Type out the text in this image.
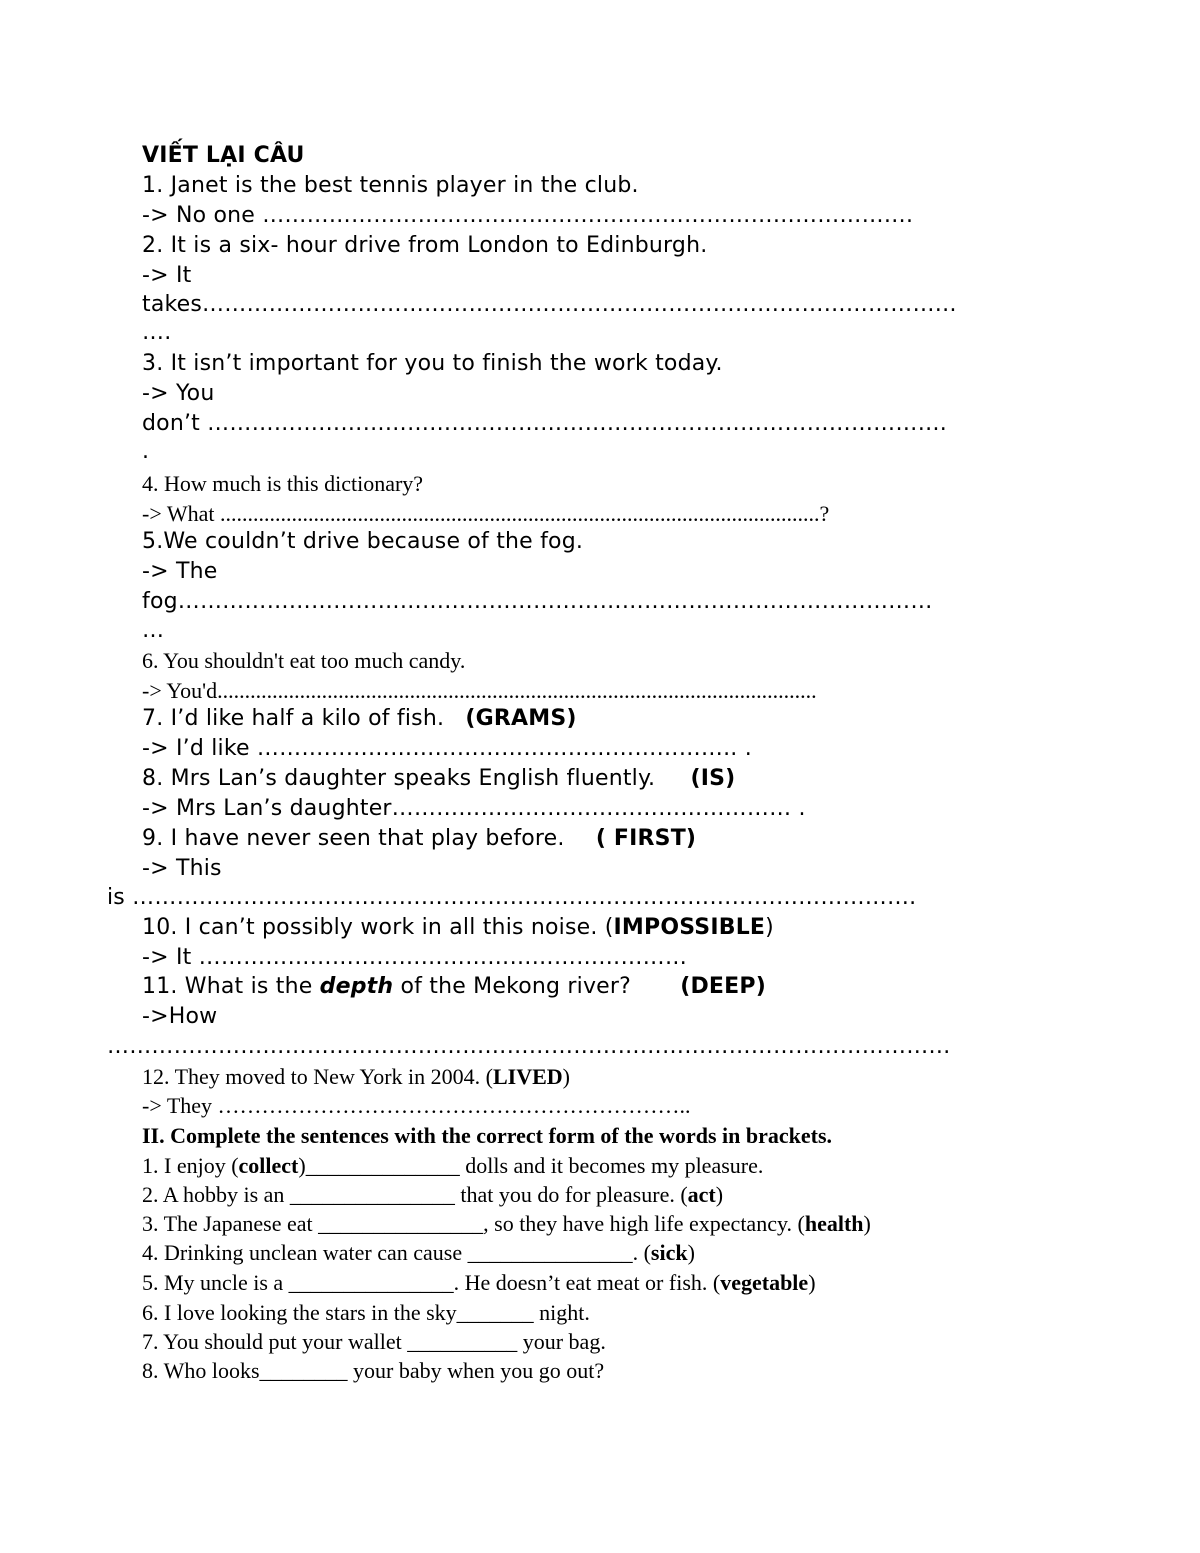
VIẾT LẠI CÂU
1. Janet is the best tennis player in the club.
-> No one …………………………………………………………………………….
2. It is a six- hour drive from London to Edinburgh.
-> It
takes…………………………………………………………………………………………
….
3. It isn’t important for you to finish the work today.
-> You
don’t ……………………………………………………………………………………….
.
4. How much is this dictionary?
-> What .............................................................................................................?
5.We couldn’t drive because of the fog.
-> The
fog…………………………………………………………………………………………
…
6. You shouldn't eat too much candy.
-> You'd.............................................................................................................
7. I’d like half a kilo of fish. (GRAMS)
-> I’d like ……………………………………………………….. .
8. Mrs Lan’s daughter speaks English fluently. (IS)
-> Mrs Lan’s daughter……………………………………………… .
9. I have never seen that play before. ( FIRST)
-> This
is …………………………………………………………………………………………….
10. I can’t possibly work in all this noise. (IMPOSSIBLE)
-> It …………………………………………………………
11. What is the depth of the Mekong river? (DEEP)
->How
……………………………………………………………………………………………………
12. They moved to New York in 2004. (LIVED)
-> They ………………………………………………………..
II. Complete the sentences with the correct form of the words in brackets.
1. I enjoy (collect)______________ dolls and it becomes my pleasure.
2. A hobby is an _______________ that you do for pleasure. (act)
3. The Japanese eat _______________, so they have high life expectancy. (health)
4. Drinking unclean water can cause _______________. (sick)
5. My uncle is a _______________. He doesn’t eat meat or fish. (vegetable)
6. I love looking the stars in the sky_______ night.
7. You should put your wallet __________ your bag.
8. Who looks________ your baby when you go out?
